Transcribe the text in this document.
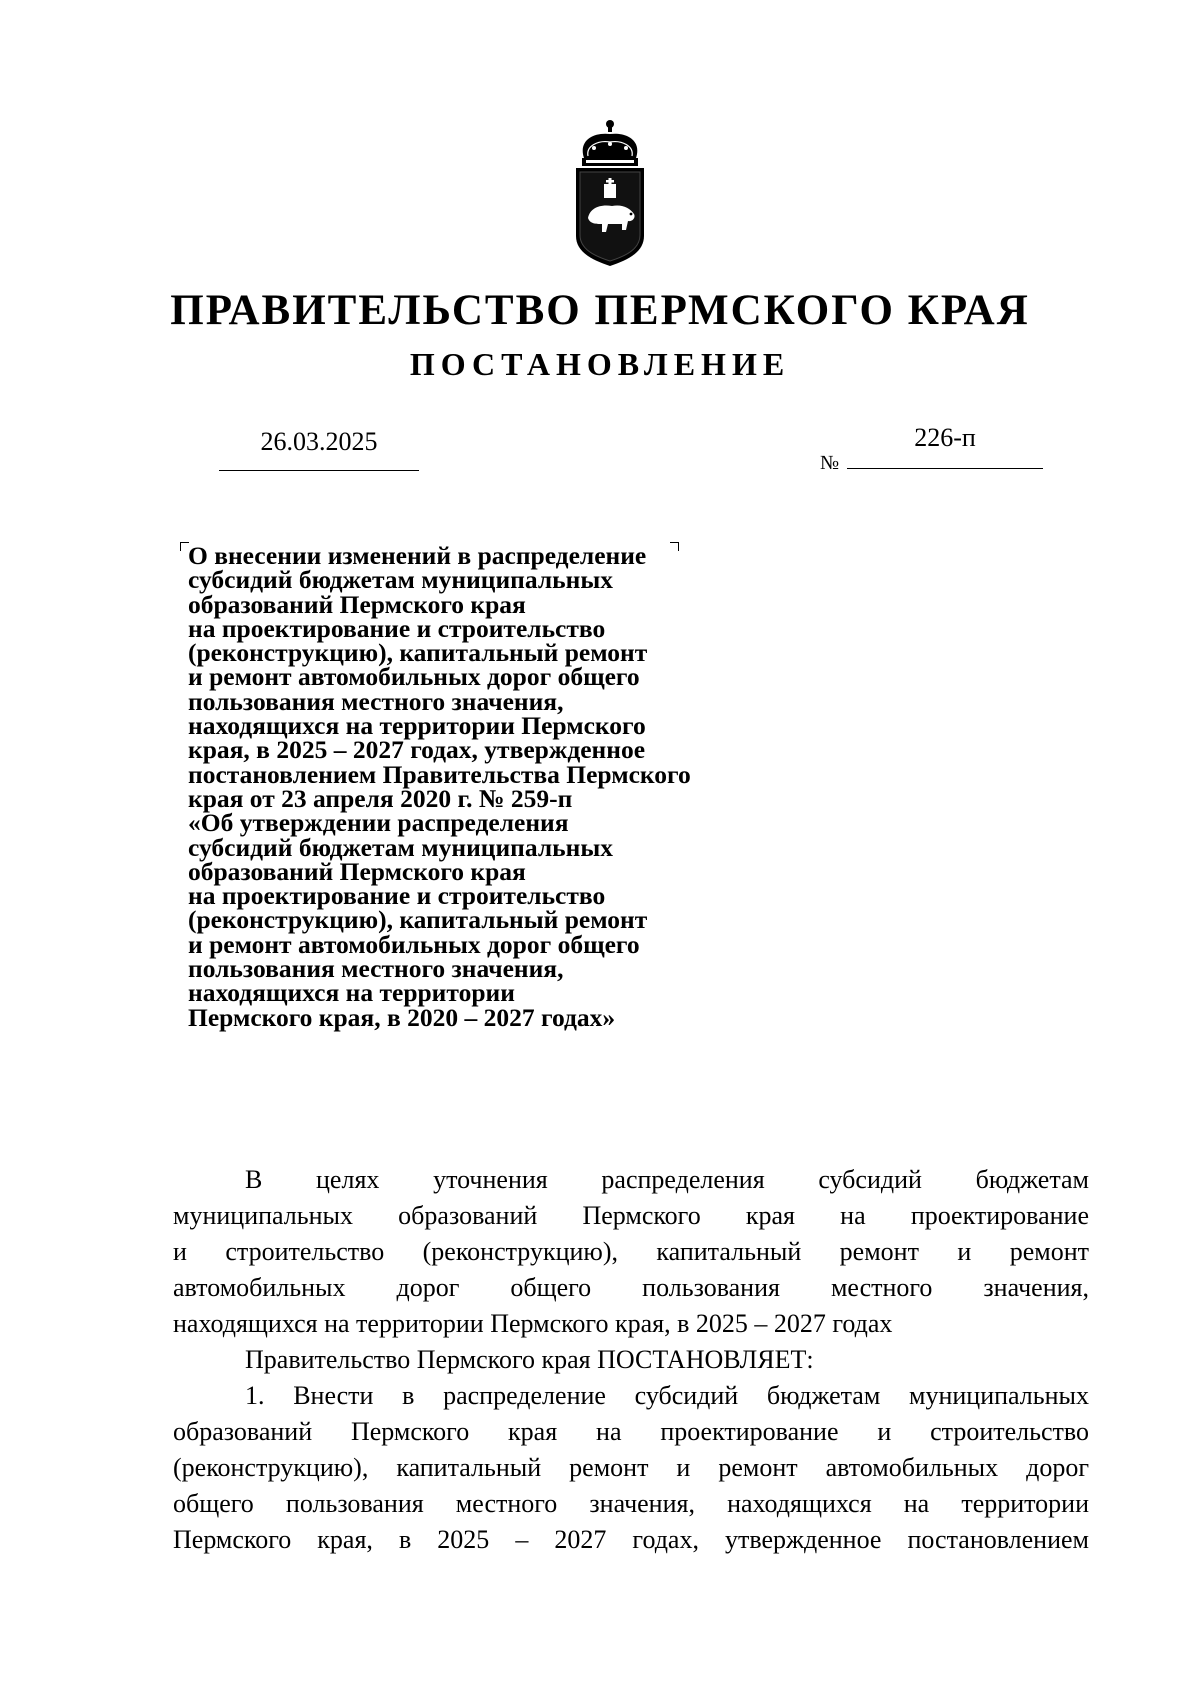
ПРАВИТЕЛЬСТВО ПЕРМСКОГО КРАЯ
ПОСТАНОВЛЕНИЕ
26.03.2025
№
226-п
О внесении изменений в распределение
субсидий бюджетам муниципальных
образований Пермского края
на проектирование и строительство
(реконструкцию), капитальный ремонт
и ремонт автомобильных дорог общего
пользования местного значения,
находящихся на территории Пермского
края, в 2025 – 2027 годах, утвержденное
постановлением Правительства Пермского
края от 23 апреля 2020 г. № 259-п
«Об утверждении распределения
субсидий бюджетам муниципальных
образований Пермского края
на проектирование и строительство
(реконструкцию), капитальный ремонт
и ремонт автомобильных дорог общего
пользования местного значения,
находящихся на территории
Пермского края, в 2020 – 2027 годах»
В целях уточнения распределения субсидий бюджетам
муниципальных образований Пермского края на проектирование
и строительство (реконструкцию), капитальный ремонт и ремонт
автомобильных дорог общего пользования местного значения,
находящихся на территории Пермского края, в 2025 – 2027 годах
Правительство Пермского края ПОСТАНОВЛЯЕТ:
1. Внести в распределение субсидий бюджетам муниципальных
образований Пермского края на проектирование и строительство
(реконструкцию), капитальный ремонт и ремонт автомобильных дорог
общего пользования местного значения, находящихся на территории
Пермского края, в 2025 – 2027 годах, утвержденное постановлением
